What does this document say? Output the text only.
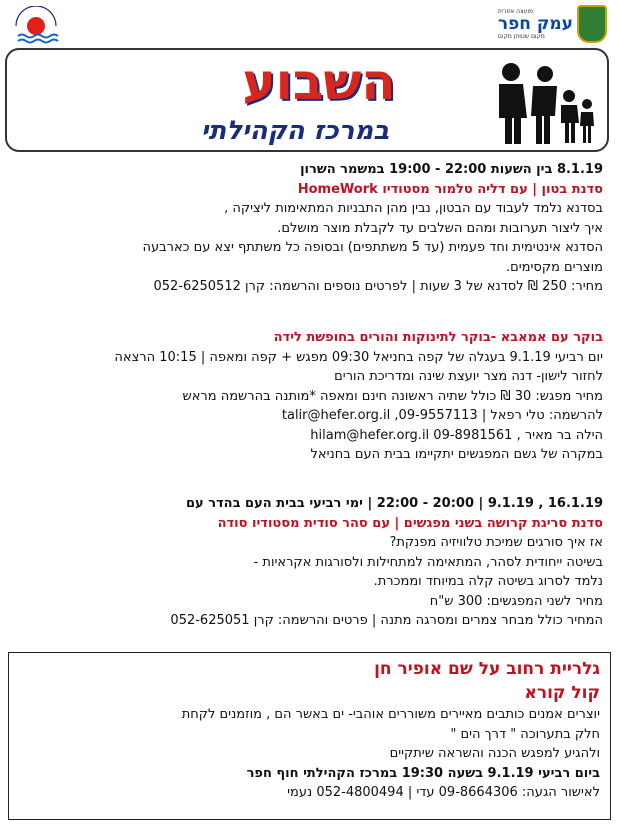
מועצה אזורית
עמק חפר
מקום שטוחן מקום
השבוע
במרכז הקהילתי
8.1.19 בין השעות 22:00 - 19:00 במשמר השרון
סדנת בטון | עם דליה טלמור מסטודיו HomeWork
בסדנא נלמד לעבוד עם הבטון, נבין מהן התבניות המתאימות ליציקה ,
איך ליצור תערובות ומהם השלבים עד לקבלת מוצר מושלם.
הסדנא אינטימית וחד פעמית (עד 5 משתתפים) ובסופה כל משתתף יצא עם כארבעה
מוצרים מקסימים.
מחיר: 250 ₪ לסדנא של 3 שעות | לפרטים נוספים והרשמה: קרן 052-6250512
בוקר עם אמאבא -בוקר לתינוקות והורים בחופשת לידה
יום רביעי 9.1.19 בעגלה של קפה בחניאל 09:30 מפגש + קפה ומאפה | 10:15 הרצאה
לחזור לישון- דנה מצר יועצת שינה ומדריכת הורים
מחיר מפגש: 30 ₪ כולל שתיה ראשונה חינם ומאפה *מותנה בהרשמה מראש
להרשמה: טלי רפאל | 09-9557113, talir@hefer.org.il
הילה בר מאיר , hilam@hefer.org.il 09-8981561
במקרה של גשם המפגשים יתקיימו בבית העם בחניאל
16.1.19 , 9.1.19 | 20:00 - 22:00 | ימי רביעי בבית העם בהדר עם
סדנת סריגת קרושה בשני מפגשים | עם סהר סודית מסטודיו סודה
אז איך סורגים שמיכת טלוויזיה מפנקת?
בשיטה ייחודית לסהר, המתאימה למתחילות ולסורגות אקראיות -
נלמד לסרוג בשיטה קלה במיוחד וממכרת.
מחיר לשני המפגשים: 300 ש"ח
המחיר כולל מבחר צמרים ומסרגה מתנה | פרטים והרשמה: קרן 052-625051
גלריית רחוב על שם אופיר חן
קול קורא
יוצרים אמנים כותבים מאיירים משוררים אוהבי- ים באשר הם , מוזמנים לקחת
חלק בתערוכה " דרך הים "
ולהגיע למפגש הכנה והשראה שיתקיים
ביום רביעי 9.1.19 בשעה 19:30 במרכז הקהילתי חוף חפר
לאישור הגעה: 09-8664306 עדי | 052-4800494 נעמי
